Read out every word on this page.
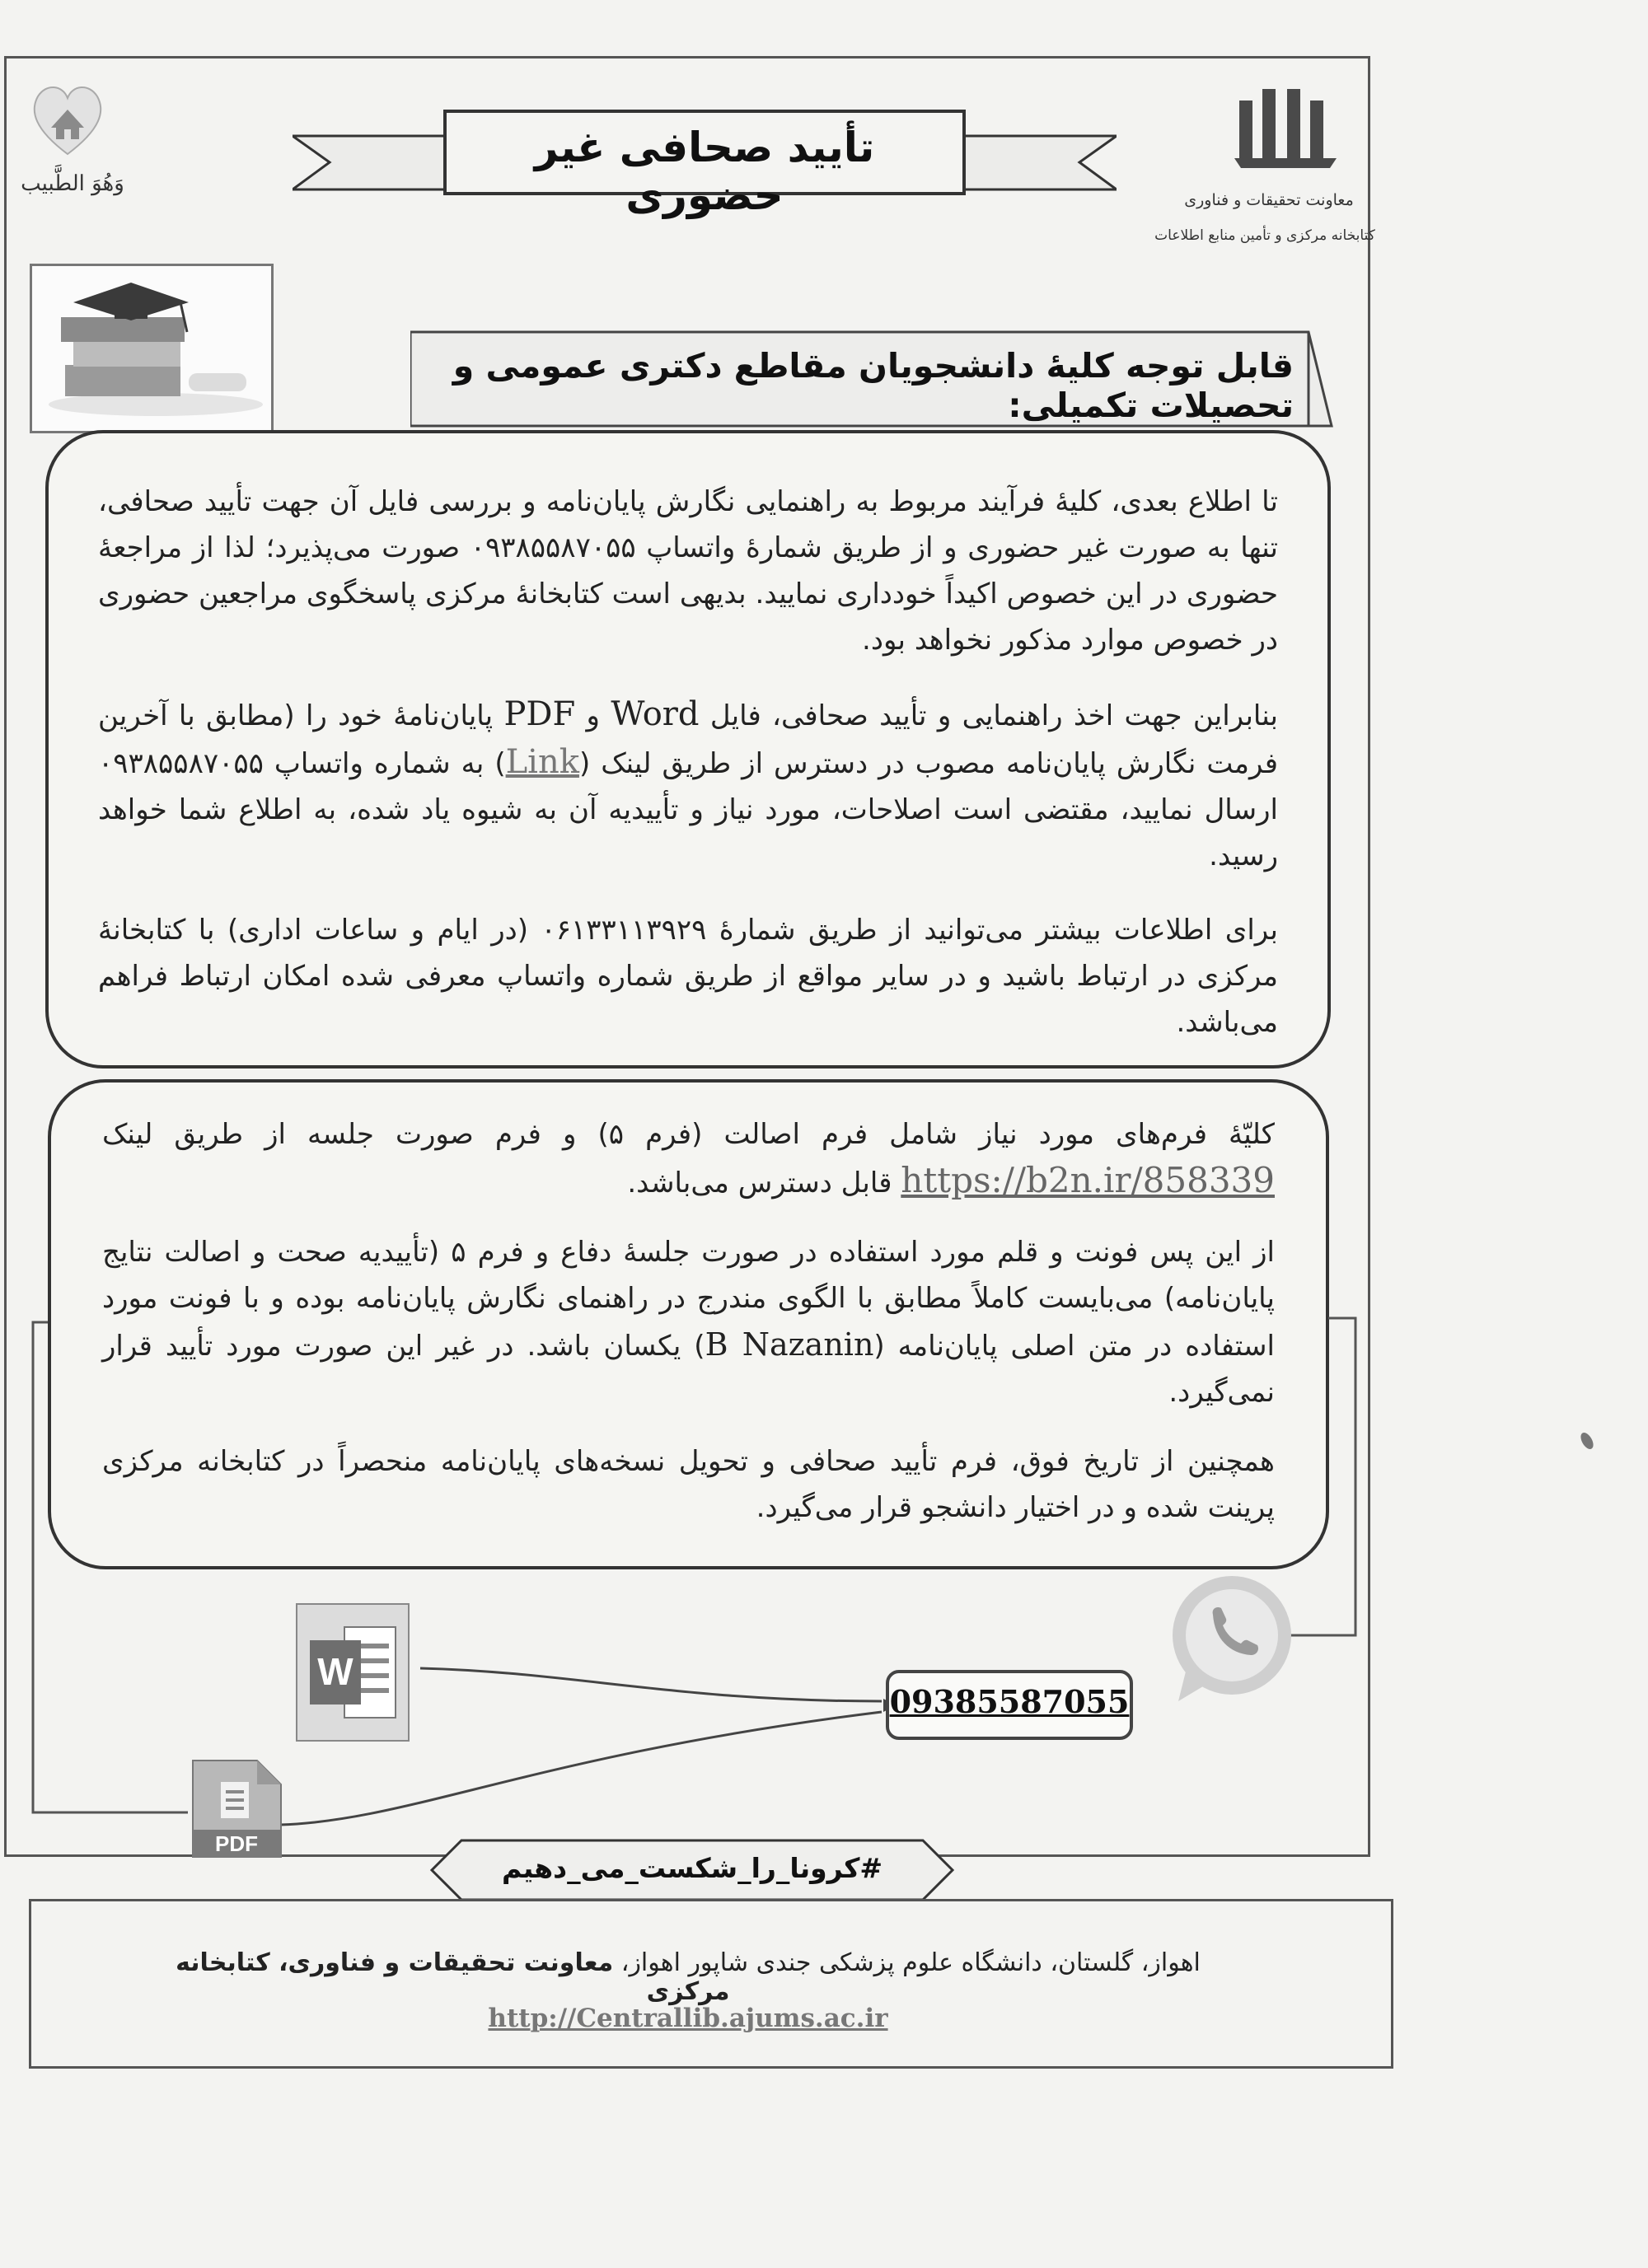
وَهُوَ الطَّبیب
تأیید صحافی غیر حضوری	معاونت تحقیقات و فناوری
کتابخانه مرکزی و تأمین منابع اطلاعات
قابل توجه کلیهٔ دانشجویان مقاطع دکتری عمومی و تحصیلات تکمیلی:

تا اطلاع بعدی، کلیهٔ فرآیند مربوط به راهنمایی نگارش پایان‌نامه و بررسی فایل آن جهت تأیید صحافی، تنها به صورت غیر حضوری و از طریق شمارهٔ واتساپ ۰۹۳۸۵۵۸۷۰۵۵ صورت می‌پذیرد؛ لذا از مراجعهٔ حضوری در این خصوص اکیداً خودداری نمایید. بدیهی است کتابخانهٔ مرکزی پاسخگوی مراجعین حضوری در خصوص موارد مذکور نخواهد بود.

بنابراین جهت اخذ راهنمایی و تأیید صحافی، فایل Word و PDF پایان‌نامهٔ خود را (مطابق با آخرین فرمت نگارش پایان‌نامه مصوب در دسترس از طریق لینک (Link) به شماره واتساپ ۰۹۳۸۵۵۸۷۰۵۵ ارسال نمایید، مقتضی است اصلاحات، مورد نیاز و تأییدیه آن به شیوه یاد شده، به اطلاع شما خواهد رسید.

برای اطلاعات بیشتر می‌توانید از طریق شمارهٔ ۰۶۱۳۳۱۱۳۹۲۹ (در ایام و ساعات اداری) با کتابخانهٔ مرکزی در ارتباط باشید و در سایر مواقع از طریق شماره واتساپ معرفی شده امکان ارتباط فراهم می‌باشد.

کلیّهٔ فرم‌های مورد نیاز شامل فرم اصالت (فرم ۵) و فرم صورت جلسه از طریق لینک https://b2n.ir/858339 قابل دسترس می‌باشد.

از این پس فونت و قلم مورد استفاده در صورت جلسهٔ دفاع و فرم ۵ (تأییدیه صحت و اصالت نتایج پایان‌نامه) می‌بایست کاملاً مطابق با الگوی مندرج در راهنمای نگارش پایان‌نامه بوده و با فونت مورد استفاده در متن اصلی پایان‌نامه (B Nazanin) یکسان باشد. در غیر این صورت مورد تأیید قرار نمی‌گیرد.

همچنین از تاریخ فوق، فرم تأیید صحافی و تحویل نسخه‌های پایان‌نامه منحصراً در کتابخانه مرکزی پرینت شده و در اختیار دانشجو قرار می‌گیرد.

W
PDF
09385587055
#کرونا_را_شکست_می_دهیم
اهواز، گلستان، دانشگاه علوم پزشکی جندی شاپور اهواز، معاونت تحقیقات و فناوری، کتابخانه مرکزی
http://Centrallib.ajums.ac.ir
